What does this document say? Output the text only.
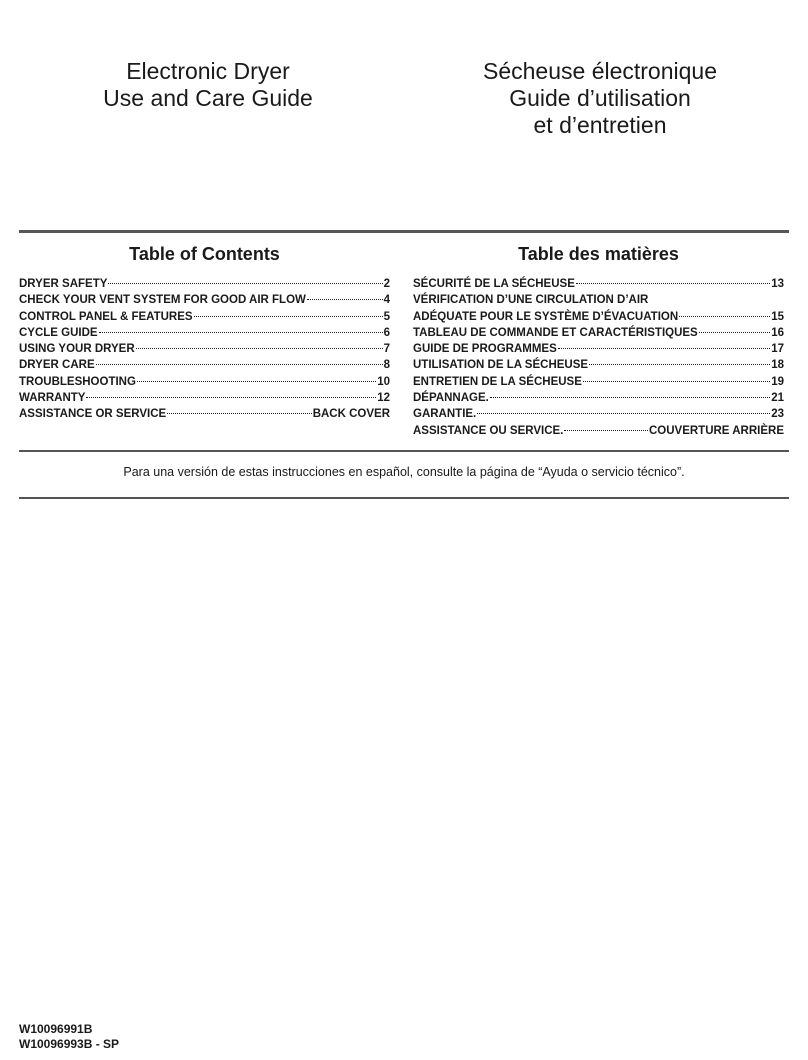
Electronic Dryer
Use and Care Guide
Sécheuse électronique
Guide d’utilisation
et d’entretien
Table of Contents
DRYER SAFETY	2
CHECK YOUR VENT SYSTEM FOR GOOD AIR FLOW	4
CONTROL PANEL & FEATURES	5
CYCLE GUIDE	6
USING YOUR DRYER	7
DRYER CARE	8
TROUBLESHOOTING	10
WARRANTY	12
ASSISTANCE OR SERVICE	BACK COVER
Table des matières
SÉCURITÉ DE LA SÉCHEUSE	13
VÉRIFICATION D’UNE CIRCULATION D’AIR
ADÉQUATE POUR LE SYSTÈME D’ÉVACUATION	15
TABLEAU DE COMMANDE ET CARACTÉRISTIQUES	16
GUIDE DE PROGRAMMES	17
UTILISATION DE LA SÉCHEUSE	18
ENTRETIEN DE LA SÉCHEUSE	19
DÉPANNAGE.	21
GARANTIE.	23
ASSISTANCE OU SERVICE.	COUVERTURE ARRIÈRE

Para una versión de estas instrucciones en español, consulte la página de “Ayuda o servicio técnico”.

W10096991B
W10096993B - SP
